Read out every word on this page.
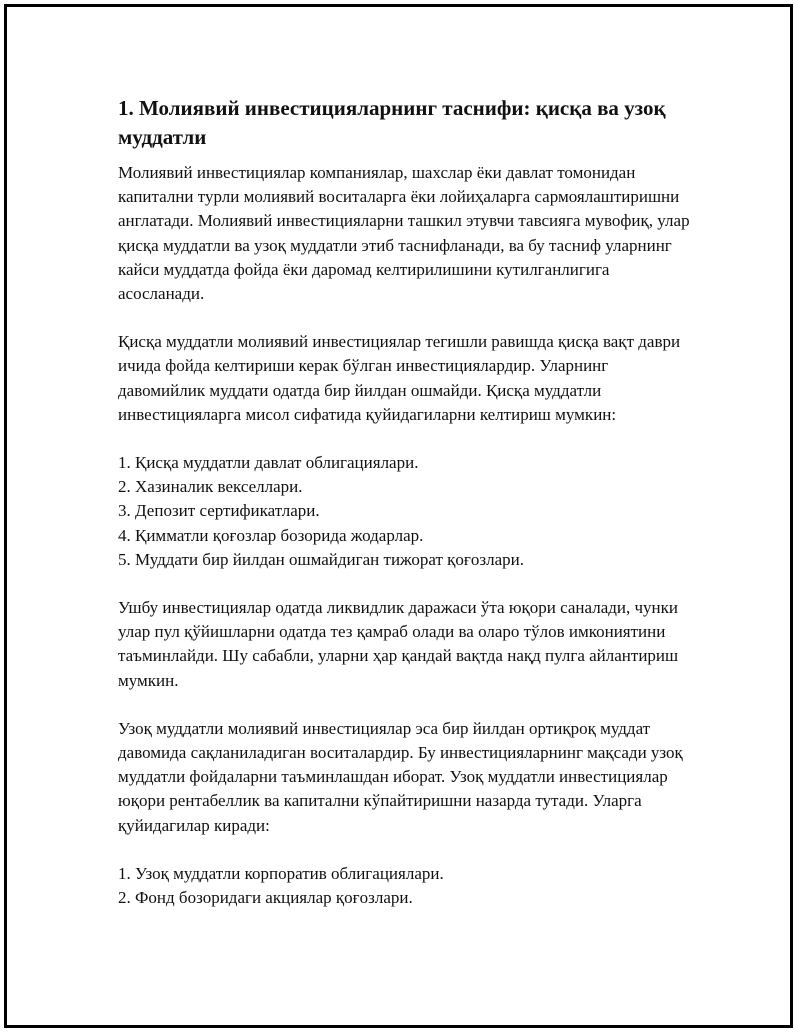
1. Молиявий инвестицияларнинг таснифи: қисқа ва узоқ муддатли

Молиявий инвестициялар компаниялар, шахслар ёки давлат томонидан капитални турли молиявий воситаларга ёки лойиҳаларга сармоялаштиришни англатади. Молиявий инвестицияларни ташкил этувчи тавсияга мувофиқ, улар қисқа муддатли ва узоқ муддатли этиб таснифланади, ва бу тасниф уларнинг кайси муддатда фойда ёки даромад келтирилишини кутилганлигига асосланади.

Қисқа муддатли молиявий инвестициялар тегишли равишда қисқа вақт даври ичида фойда келтириши керак бўлган инвестициялардир. Уларнинг давомийлик муддати одатда бир йилдан ошмайди. Қисқа муддатли инвестицияларга мисол сифатида қуйидагиларни келтириш мумкин:

1. Қисқа муддатли давлат облигациялари.
2. Хазиналик векселлари.
3. Депозит сертификатлари.
4. Қимматли қоғозлар бозорида жодарлар.
5. Муддати бир йилдан ошмайдиган тижорат қоғозлари.

Ушбу инвестициялар одатда ликвидлик даражаси ўта юқори саналади, чунки улар пул қўйишларни одатда тез қамраб олади ва оларо тўлов имкониятини таъминлайди. Шу сабабли, уларни ҳар қандай вақтда нақд пулга айлантириш мумкин.

Узоқ муддатли молиявий инвестициялар эса бир йилдан ортиқроқ муддат давомида сақланиладиган воситалардир. Бу инвестицияларнинг мақсади узоқ муддатли фойдаларни таъминлашдан иборат. Узоқ муддатли инвестициялар юқори рентабеллик ва капитални кўпайтиришни назарда тутади. Уларга қуйидагилар киради:

1. Узоқ муддатли корпоратив облигациялари.
2. Фонд бозоридаги акциялар қоғозлари.
